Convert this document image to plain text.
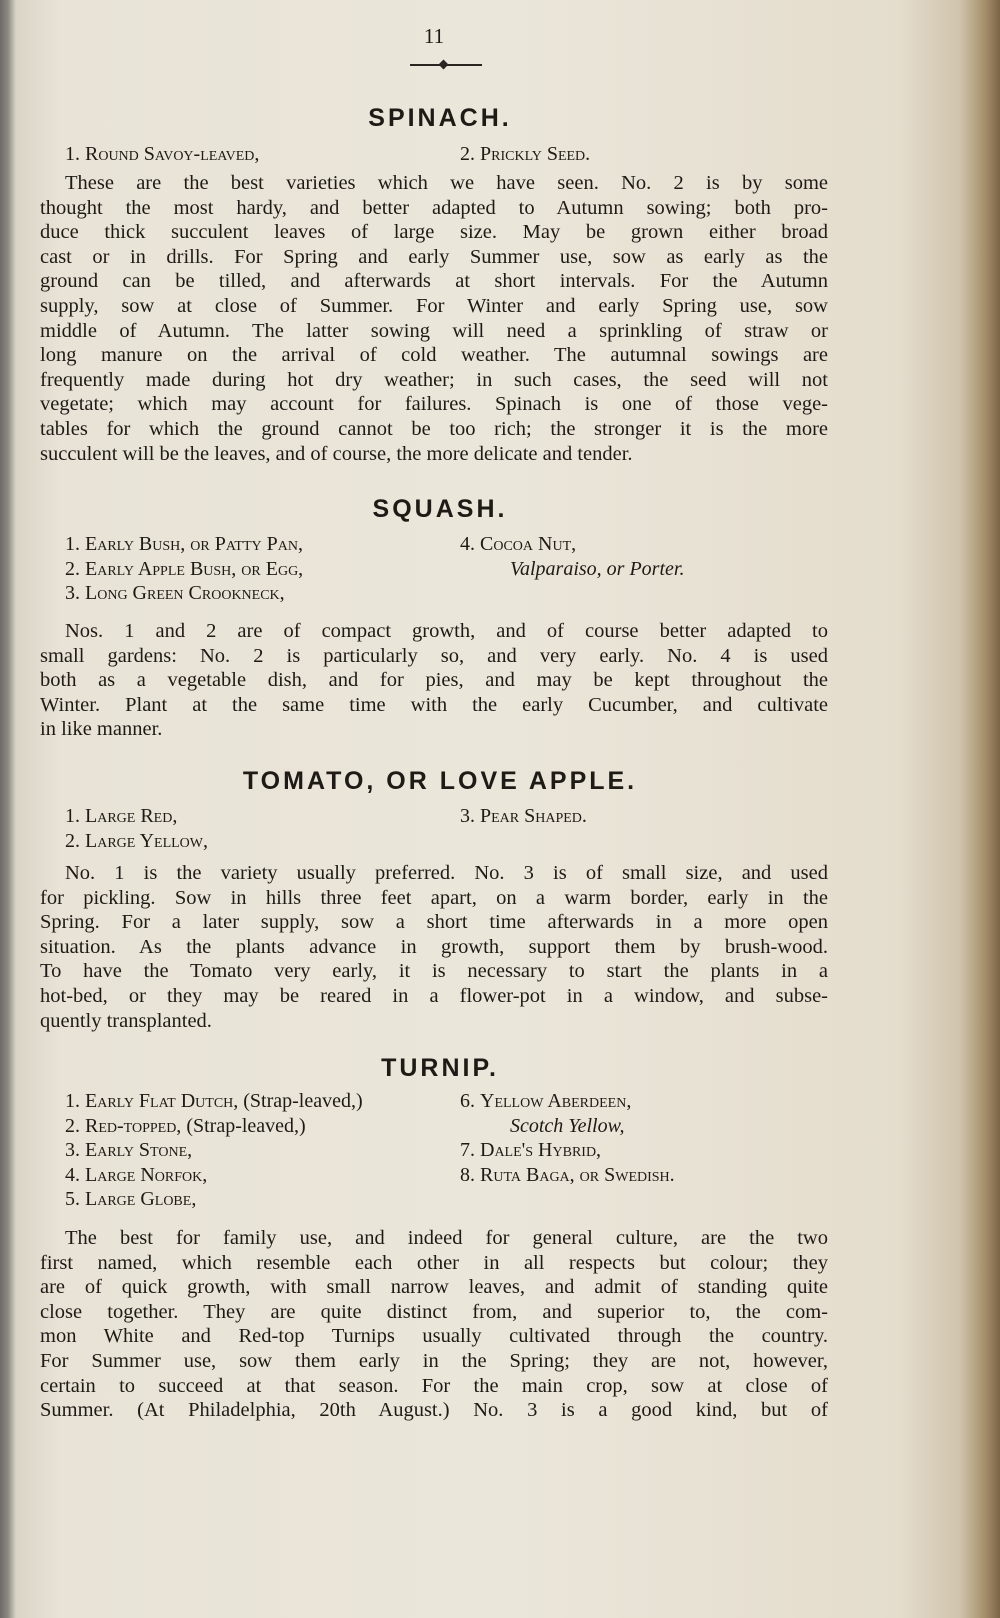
11
SPINACH.
1. Round Savoy-leaved,	2. Prickly Seed.
These are the best varieties which we have seen. No. 2 is by some
thought the most hardy, and better adapted to Autumn sowing; both pro-
duce thick succulent leaves of large size. May be grown either broad
cast or in drills. For Spring and early Summer use, sow as early as the
ground can be tilled, and afterwards at short intervals. For the Autumn
supply, sow at close of Summer. For Winter and early Spring use, sow
middle of Autumn. The latter sowing will need a sprinkling of straw or
long manure on the arrival of cold weather. The autumnal sowings are
frequently made during hot dry weather; in such cases, the seed will not
vegetate; which may account for failures. Spinach is one of those vege-
tables for which the ground cannot be too rich; the stronger it is the more
succulent will be the leaves, and of course, the more delicate and tender.
SQUASH.
1. Early Bush, or Patty Pan,	4. Cocoa Nut,
2. Early Apple Bush, or Egg,	Valparaiso, or Porter.
3. Long Green Crookneck,
Nos. 1 and 2 are of compact growth, and of course better adapted to
small gardens: No. 2 is particularly so, and very early. No. 4 is used
both as a vegetable dish, and for pies, and may be kept throughout the
Winter. Plant at the same time with the early Cucumber, and cultivate
in like manner.
TOMATO, OR LOVE APPLE.
1. Large Red,	3. Pear Shaped.
2. Large Yellow,
No. 1 is the variety usually preferred. No. 3 is of small size, and used
for pickling. Sow in hills three feet apart, on a warm border, early in the
Spring. For a later supply, sow a short time afterwards in a more open
situation. As the plants advance in growth, support them by brush-wood.
To have the Tomato very early, it is necessary to start the plants in a
hot-bed, or they may be reared in a flower-pot in a window, and subse-
quently transplanted.
TURNIP.
1. Early Flat Dutch, (Strap-leaved,)	6. Yellow Aberdeen,
2. Red-topped, (Strap-leaved,)	Scotch Yellow,
3. Early Stone,	7. Dale's Hybrid,
4. Large Norfok,	8. Ruta Baga, or Swedish.
5. Large Globe,
The best for family use, and indeed for general culture, are the two
first named, which resemble each other in all respects but colour; they
are of quick growth, with small narrow leaves, and admit of standing quite
close together. They are quite distinct from, and superior to, the com-
mon White and Red-top Turnips usually cultivated through the country.
For Summer use, sow them early in the Spring; they are not, however,
certain to succeed at that season. For the main crop, sow at close of
Summer. (At Philadelphia, 20th August.) No. 3 is a good kind, but of
